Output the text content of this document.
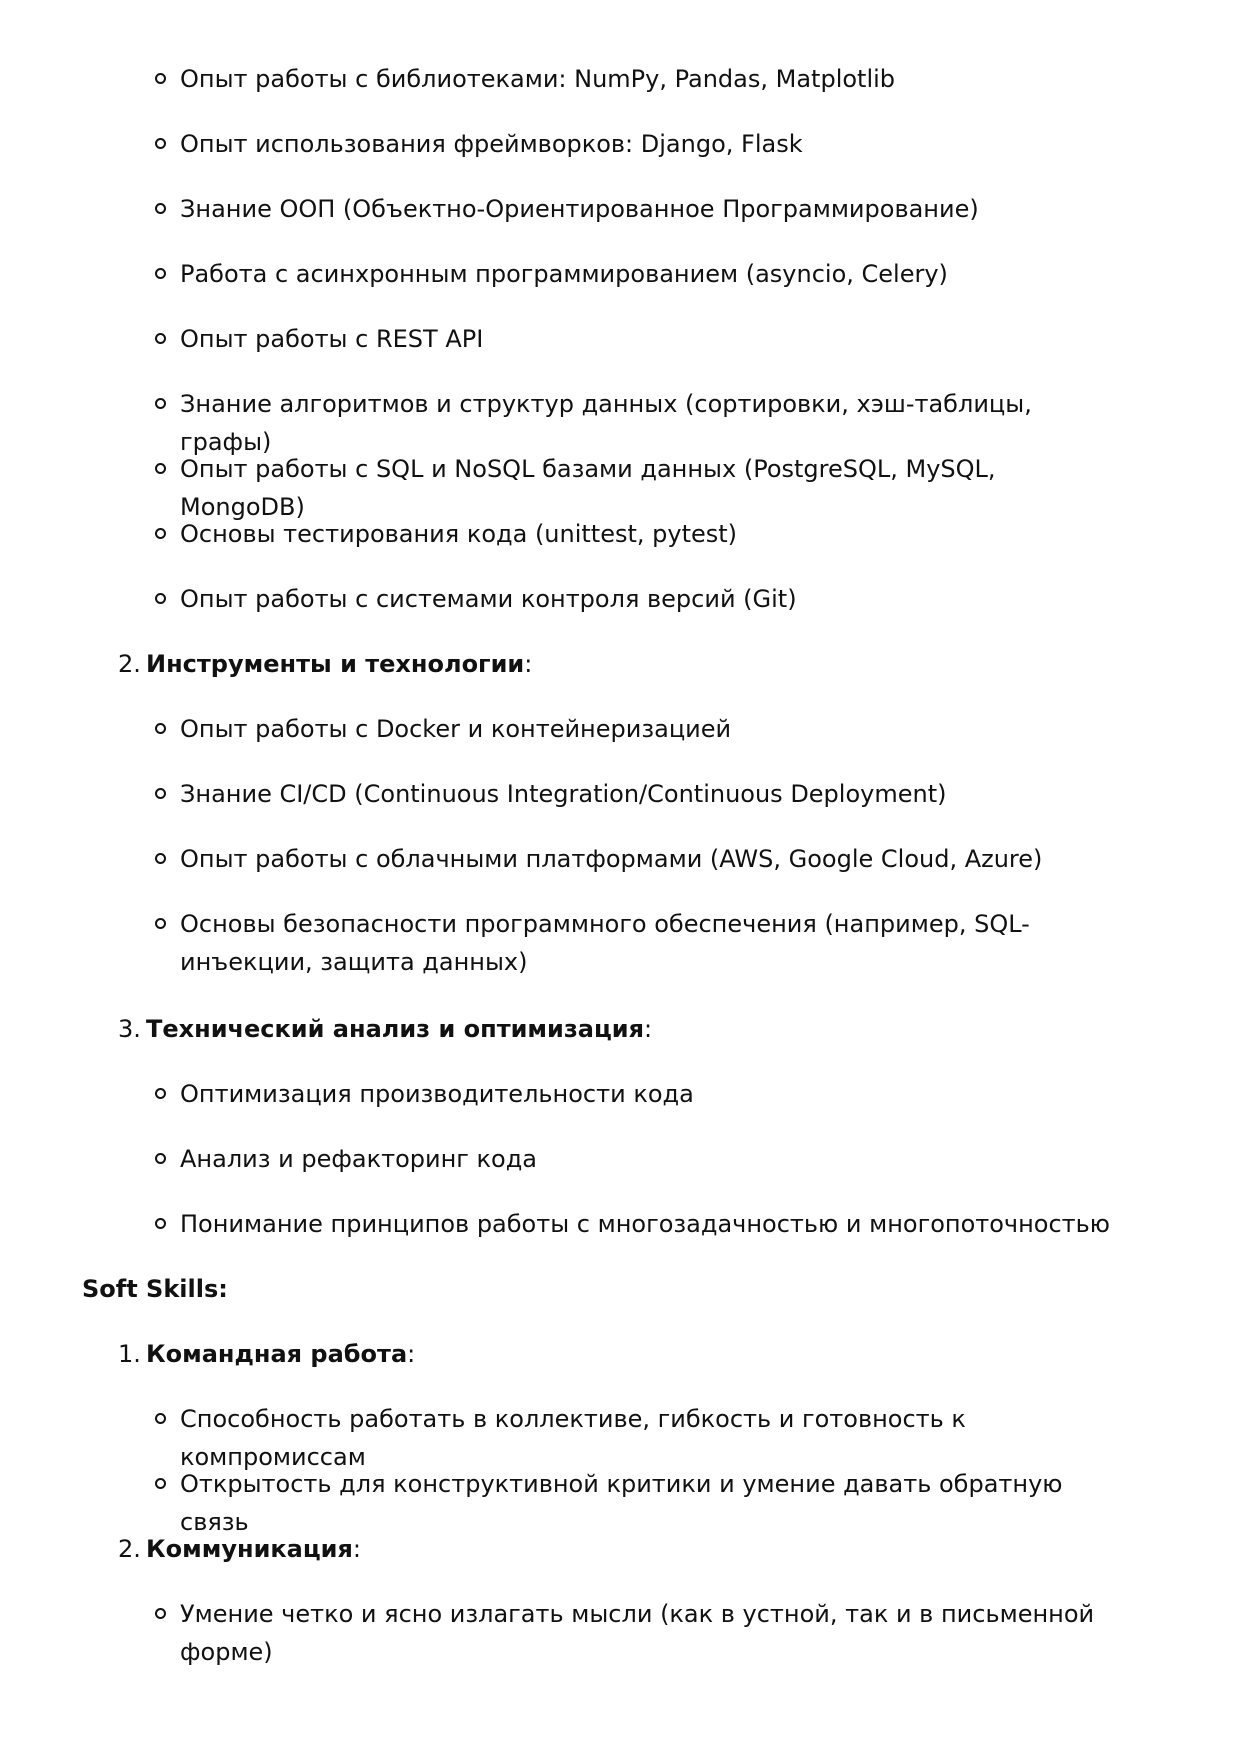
Опыт работы с библиотеками: NumPy, Pandas, Matplotlib
Опыт использования фреймворков: Django, Flask
Знание ООП (Объектно-Ориентированное Программирование)
Работа с асинхронным программированием (asyncio, Celery)
Опыт работы с REST API
Знание алгоритмов и структур данных (сортировки, хэш-таблицы, графы)
Опыт работы с SQL и NoSQL базами данных (PostgreSQL, MySQL, MongoDB)
Основы тестирования кода (unittest, pytest)
Опыт работы с системами контроля версий (Git)
2. Инструменты и технологии:
Опыт работы с Docker и контейнеризацией
Знание CI/CD (Continuous Integration/Continuous Deployment)
Опыт работы с облачными платформами (AWS, Google Cloud, Azure)
Основы безопасности программного обеспечения (например, SQL-инъекции, защита данных)
3. Технический анализ и оптимизация:
Оптимизация производительности кода
Анализ и рефакторинг кода
Понимание принципов работы с многозадачностью и многопоточностью
Soft Skills:
1. Командная работа:
Способность работать в коллективе, гибкость и готовность к компромиссам
Открытость для конструктивной критики и умение давать обратную связь
2. Коммуникация:
Умение четко и ясно излагать мысли (как в устной, так и в письменной форме)
